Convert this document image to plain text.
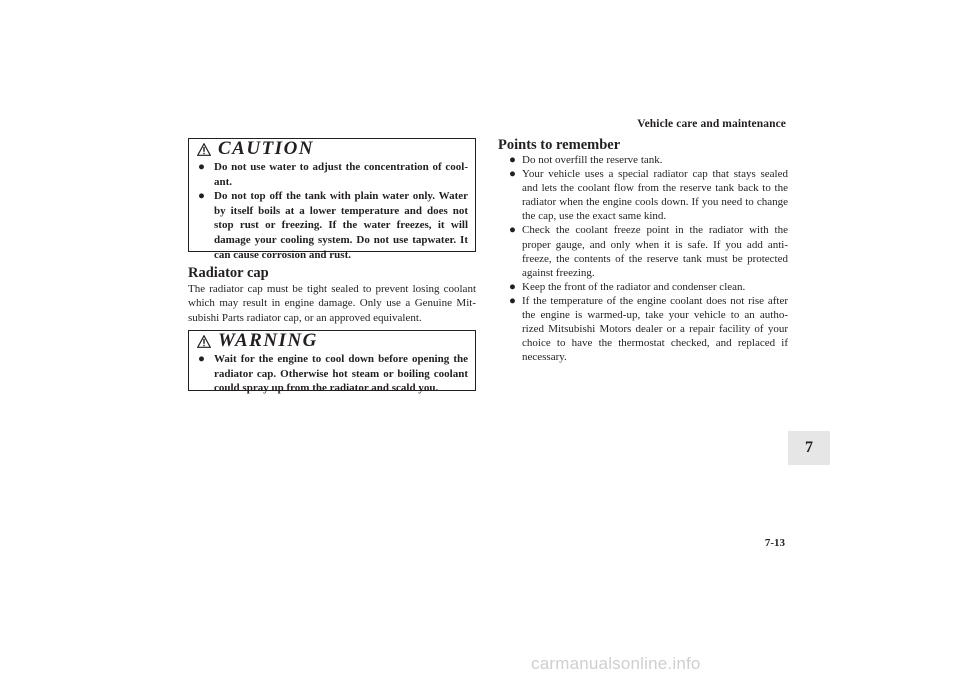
Vehicle care and maintenance
7
CAUTION
● Do not use water to adjust the concentration of cool-ant.
● Do not top off the tank with plain water only. Water by itself boils at a lower temperature and does not stop rust or freezing. If the water freezes, it will damage your cooling system. Do not use tapwater. It can cause corrosion and rust.
Radiator cap

The radiator cap must be tight sealed to prevent losing coolant which may result in engine damage. Only use a Genuine Mit-subishi Parts radiator cap, or an approved equivalent.

WARNING
● Wait for the engine to cool down before opening the radiator cap. Otherwise hot steam or boiling coolant could spray up from the radiator and scald you.
Points to remember
● Do not overfill the reserve tank.
● Your vehicle uses a special radiator cap that stays sealed and lets the coolant flow from the reserve tank back to the radiator when the engine cools down. If you need to change the cap, use the exact same kind.
● Check the coolant freeze point in the radiator with the proper gauge, and only when it is safe. If you add anti-freeze, the contents of the reserve tank must be protected against freezing.
● Keep the front of the radiator and condenser clean.
● If the temperature of the engine coolant does not rise after the engine is warmed-up, take your vehicle to an autho-rized Mitsubishi Motors dealer or a repair facility of your choice to have the thermostat checked, and replaced if necessary.
7-13
carmanualsonline.info
